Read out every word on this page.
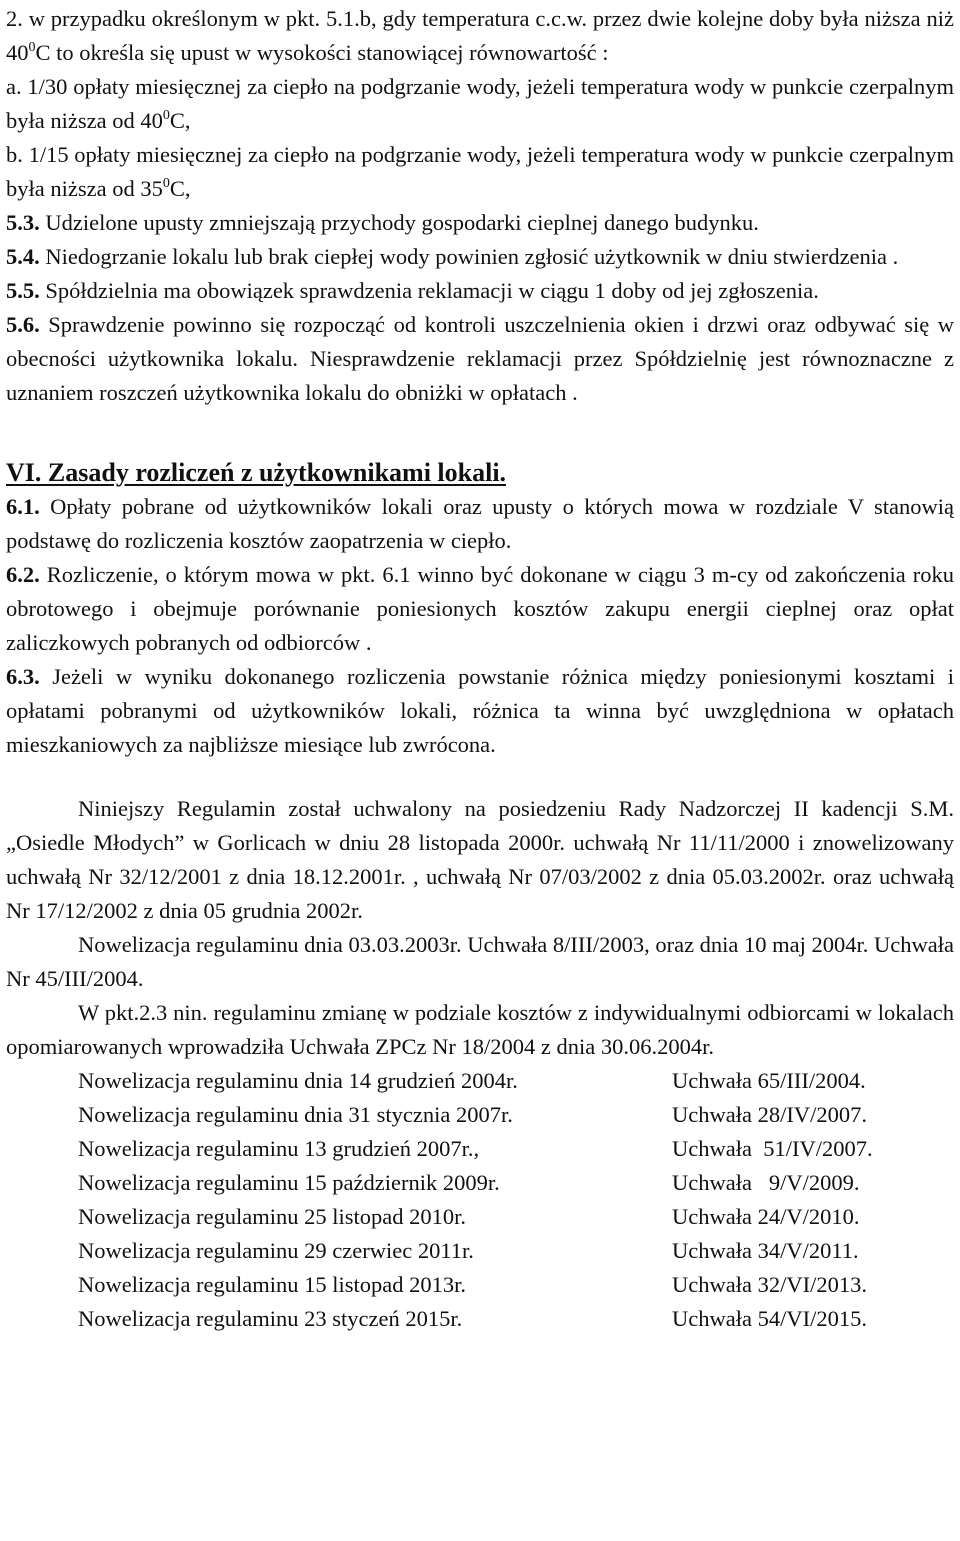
2. w przypadku określonym w pkt. 5.1.b, gdy temperatura c.c.w. przez dwie kolejne doby była niższa niż $40^0C$ to określa się upust w wysokości stanowiącej równowartość :

a. 1/30 opłaty miesięcznej za ciepło na podgrzanie wody, jeżeli temperatura wody w punkcie czerpalnym była niższa od $40^0C$,

b. 1/15 opłaty miesięcznej za ciepło na podgrzanie wody, jeżeli temperatura wody w punkcie czerpalnym była niższa od $35^0C$,

5.3. Udzielone upusty zmniejszają przychody gospodarki cieplnej danego budynku.

5.4. Niedogrzanie lokalu lub brak ciepłej wody powinien zgłosić użytkownik w dniu stwierdzenia .

5.5. Spółdzielnia ma obowiązek sprawdzenia reklamacji w ciągu 1 doby od jej zgłoszenia.

5.6. Sprawdzenie powinno się rozpocząć od kontroli uszczelnienia okien i drzwi oraz odbywać się w obecności użytkownika lokalu. Niesprawdzenie reklamacji przez Spółdzielnię jest równoznaczne z uznaniem roszczeń użytkownika lokalu do obniżki w opłatach .

VI. Zasady rozliczeń z użytkownikami lokali.

6.1. Opłaty pobrane od użytkowników lokali oraz upusty o których mowa w rozdziale V stanowią podstawę do rozliczenia kosztów zaopatrzenia w ciepło.

6.2. Rozliczenie, o którym mowa w pkt. 6.1 winno być dokonane w ciągu 3 m-cy od zakończenia roku obrotowego i obejmuje porównanie poniesionych kosztów zakupu energii cieplnej oraz opłat zaliczkowych pobranych od odbiorców .

6.3. Jeżeli w wyniku dokonanego rozliczenia powstanie różnica między poniesionymi kosztami i opłatami pobranymi od użytkowników lokali, różnica ta winna być uwzględniona w opłatach mieszkaniowych za najbliższe miesiące lub zwrócona.

Niniejszy Regulamin został uchwalony na posiedzeniu Rady Nadzorczej II kadencji S.M. „Osiedle Młodych” w Gorlicach w dniu 28 listopada 2000r. uchwałą Nr 11/11/2000 i znowelizowany uchwałą Nr 32/12/2001 z dnia 18.12.2001r. , uchwałą Nr 07/03/2002 z dnia 05.03.2002r. oraz uchwałą Nr 17/12/2002 z dnia 05 grudnia 2002r.

Nowelizacja regulaminu dnia 03.03.2003r. Uchwała 8/III/2003, oraz dnia 10 maj 2004r. Uchwała Nr 45/III/2004.

W pkt.2.3 nin. regulaminu zmianę w podziale kosztów z indywidualnymi odbiorcami w lokalach opomiarowanych wprowadziła Uchwała ZPCz Nr 18/2004 z dnia 30.06.2004r.

Nowelizacja regulaminu dnia 14 grudzień 2004r.	Uchwała 65/III/2004.
Nowelizacja regulaminu dnia 31 stycznia 2007r.	Uchwała 28/IV/2007.
Nowelizacja regulaminu 13 grudzień 2007r.,	Uchwała  51/IV/2007.
Nowelizacja regulaminu 15 październik 2009r.	Uchwała   9/V/2009.
Nowelizacja regulaminu 25 listopad 2010r.	Uchwała 24/V/2010.
Nowelizacja regulaminu 29 czerwiec 2011r.	Uchwała 34/V/2011.
Nowelizacja regulaminu 15 listopad 2013r.	Uchwała 32/VI/2013.
Nowelizacja regulaminu 23 styczeń 2015r.	Uchwała 54/VI/2015.
